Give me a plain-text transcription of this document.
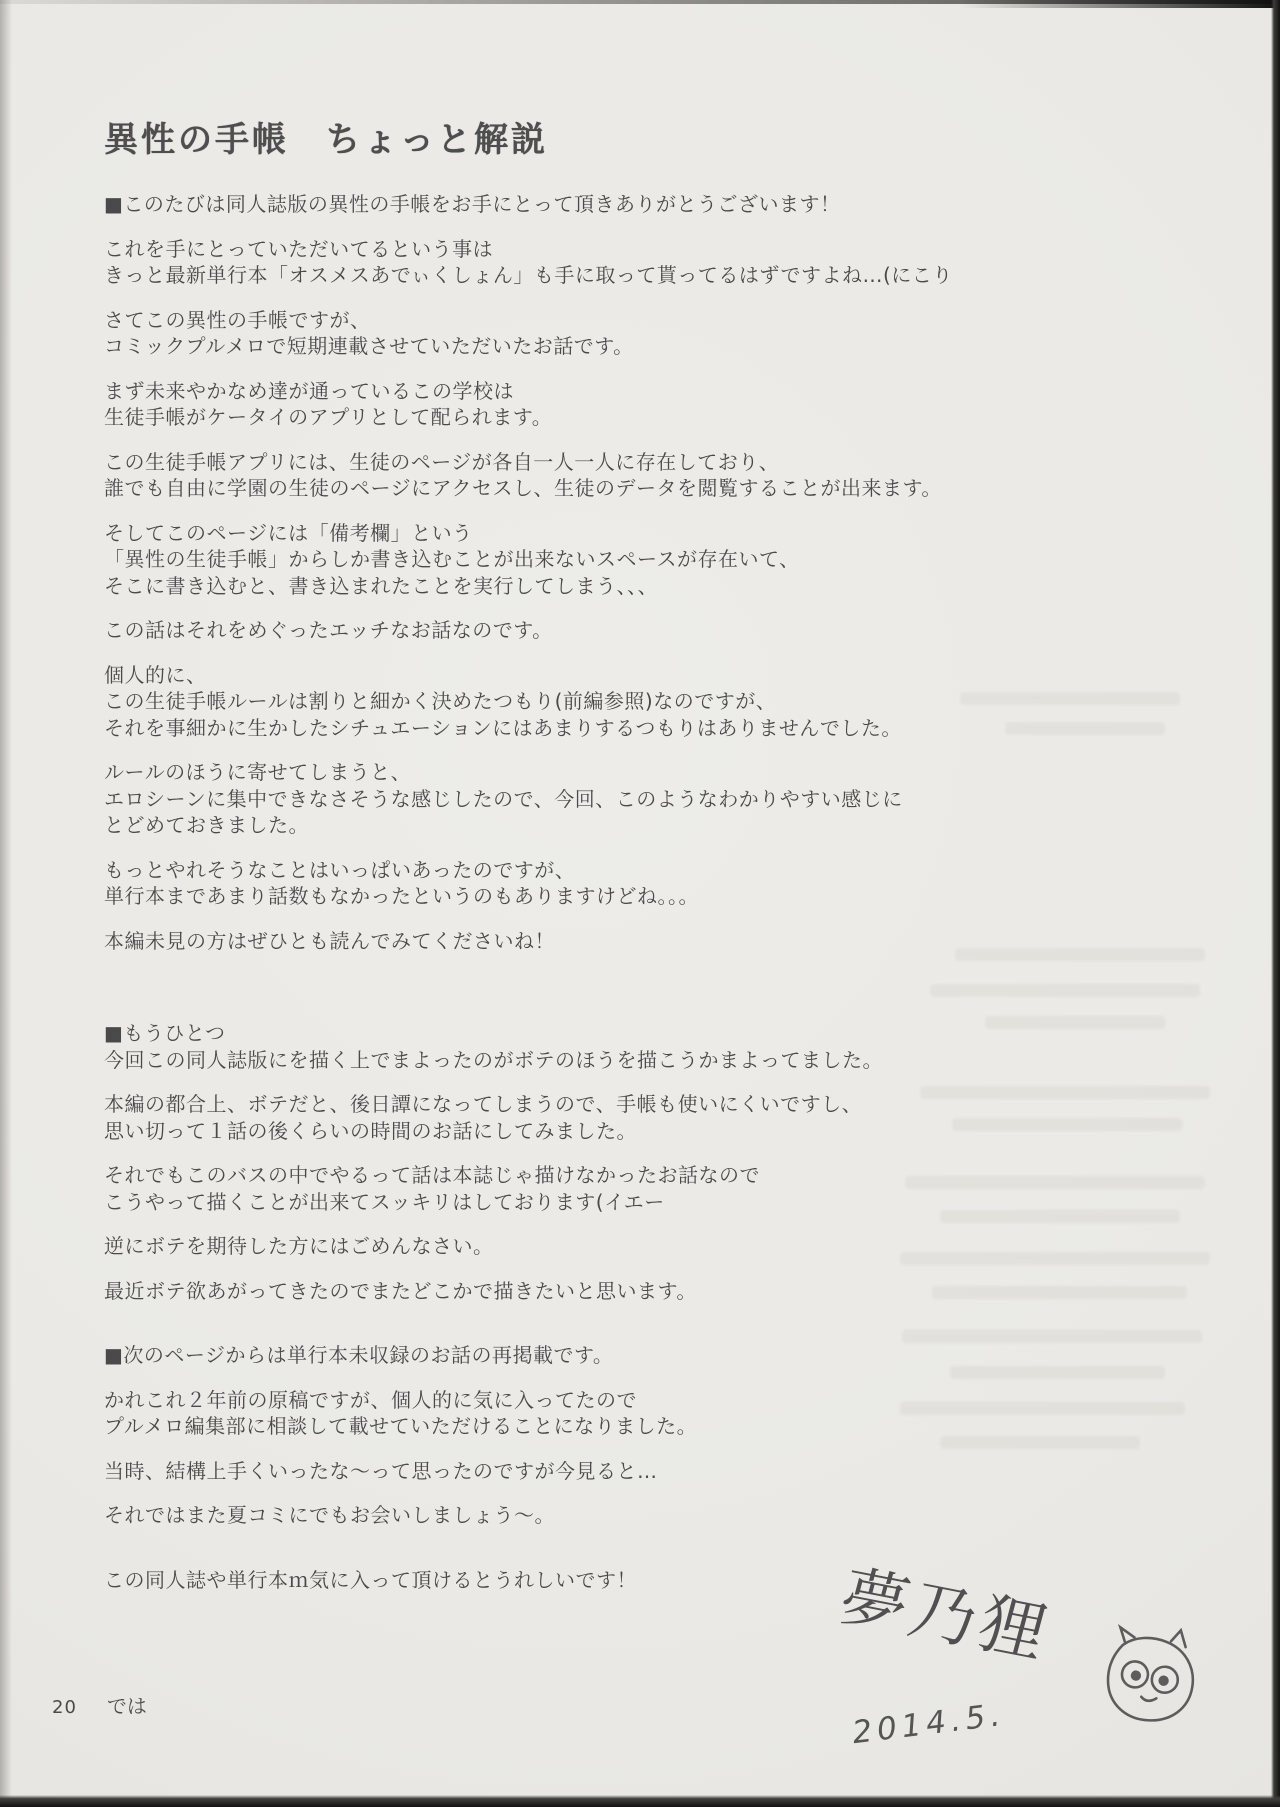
異性の手帳　ちょっと解説

■このたびは同人誌版の異性の手帳をお手にとって頂きありがとうございます！

これを手にとっていただいてるという事は
きっと最新単行本「オスメスあでぃくしょん」も手に取って貰ってるはずですよね…(にこり

さてこの異性の手帳ですが、
コミックプルメロで短期連載させていただいたお話です。

まず未来やかなめ達が通っているこの学校は
生徒手帳がケータイのアプリとして配られます。

この生徒手帳アプリには、生徒のページが各自一人一人に存在しており、
誰でも自由に学園の生徒のページにアクセスし、生徒のデータを閲覧することが出来ます。

そしてこのページには「備考欄」という
「異性の生徒手帳」からしか書き込むことが出来ないスペースが存在いて、
そこに書き込むと、書き込まれたことを実行してしまう、、、

この話はそれをめぐったエッチなお話なのです。

個人的に、
この生徒手帳ルールは割りと細かく決めたつもり(前編参照)なのですが、
それを事細かに生かしたシチュエーションにはあまりするつもりはありませんでした。

ルールのほうに寄せてしまうと、
エロシーンに集中できなさそうな感じしたので、今回、このようなわかりやすい感じに
とどめておきました。

もっとやれそうなことはいっぱいあったのですが、
単行本まであまり話数もなかったというのもありますけどね。。。

本編未見の方はぜひとも読んでみてくださいね！

■もうひとつ
今回この同人誌版にを描く上でまよったのがボテのほうを描こうかまよってました。

本編の都合上、ボテだと、後日譚になってしまうので、手帳も使いにくいですし、
思い切って１話の後くらいの時間のお話にしてみました。

それでもこのバスの中でやるって話は本誌じゃ描けなかったお話なので
こうやって描くことが出来てスッキリはしております(イエー

逆にボテを期待した方にはごめんなさい。

最近ボテ欲あがってきたのでまたどこかで描きたいと思います。

■次のページからは単行本未収録のお話の再掲載です。

かれこれ２年前の原稿ですが、個人的に気に入ってたので
プルメロ編集部に相談して載せていただけることになりました。

当時、結構上手くいったな～って思ったのですが今見ると…

それではまた夏コミにでもお会いしましょう～。

この同人誌や単行本ｍ気に入って頂けるとうれしいです！

20 では
夢乃狸
2014.5.
